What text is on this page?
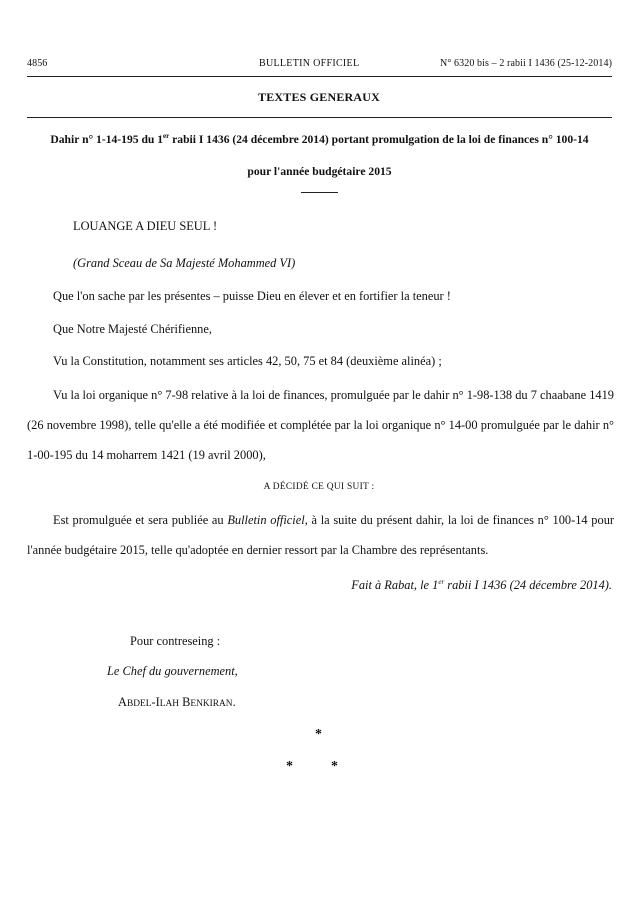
4856	BULLETIN OFFICIEL	N° 6320 bis – 2 rabii I 1436 (25-12-2014)
TEXTES GENERAUX
Dahir n° 1-14-195 du 1er rabii I 1436 (24 décembre 2014) portant promulgation de la loi de finances n° 100-14
pour l'année budgétaire 2015
LOUANGE A DIEU SEUL !
(Grand Sceau de Sa Majesté Mohammed VI)
Que l'on sache par les présentes – puisse Dieu en élever et en fortifier la teneur !
Que Notre Majesté Chérifienne,
Vu la Constitution, notamment ses articles 42, 50, 75 et 84 (deuxième alinéa) ;
Vu la loi organique n° 7-98 relative à la loi de finances, promulguée par le dahir n° 1-98-138 du 7 chaabane 1419 (26 novembre 1998), telle qu'elle a été modifiée et complétée par la loi organique n° 14-00 promulguée par le dahir n° 1-00-195 du 14 moharrem 1421 (19 avril 2000),
A DÉCIDÉ CE QUI SUIT :
Est promulguée et sera publiée au Bulletin officiel, à la suite du présent dahir, la loi de finances n° 100-14 pour l'année budgétaire 2015, telle qu'adoptée en dernier ressort par la Chambre des représentants.
Fait à Rabat, le 1er rabii I 1436 (24 décembre 2014).
Pour contreseing :
Le Chef du gouvernement,
ABDEL-ILAH BENKIRAN.
*
*	*
